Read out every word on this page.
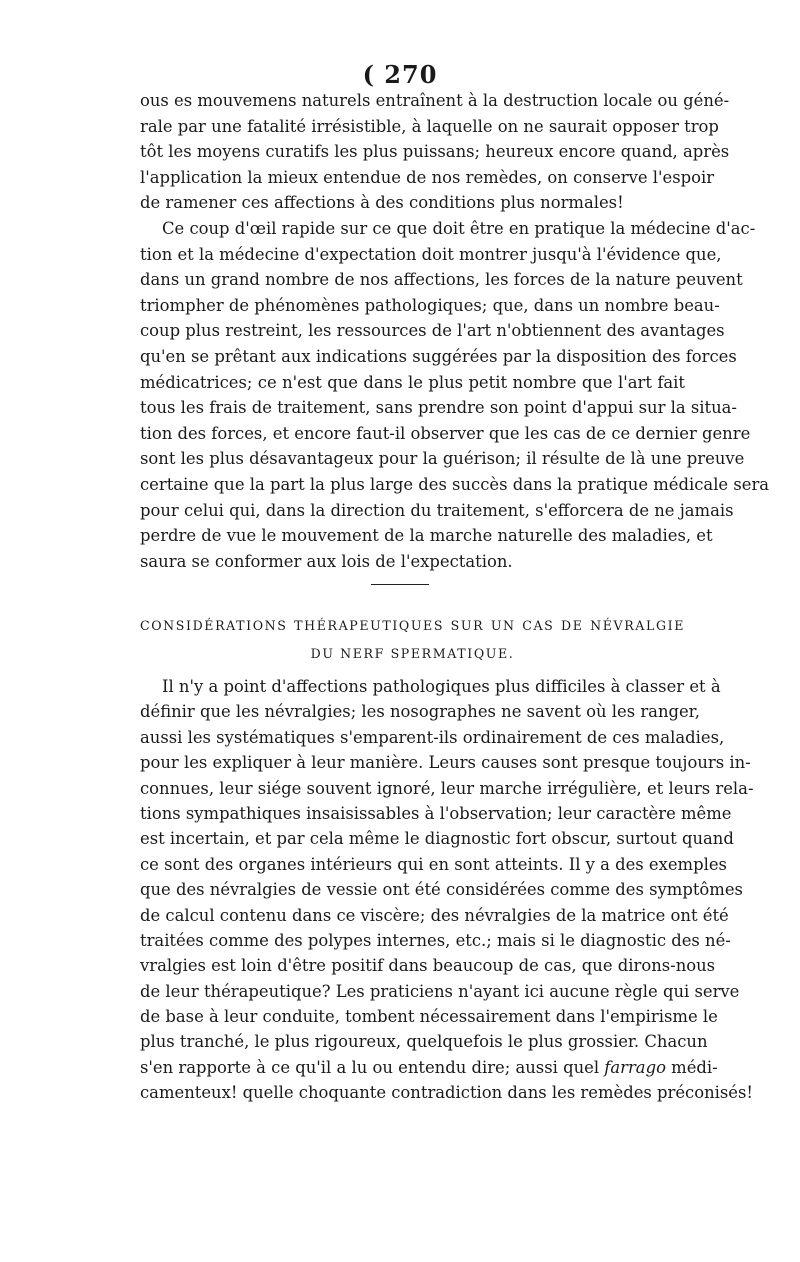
( 270
ous es mouvemens naturels entraînent à la destruction locale ou géné-
rale par une fatalité irrésistible, à laquelle on ne saurait opposer trop
tôt les moyens curatifs les plus puissans; heureux encore quand, après
l'application la mieux entendue de nos remèdes, on conserve l'espoir
de ramener ces affections à des conditions plus normales!
Ce coup d'œil rapide sur ce que doit être en pratique la médecine d'ac-
tion et la médecine d'expectation doit montrer jusqu'à l'évidence que,
dans un grand nombre de nos affections, les forces de la nature peuvent
triompher de phénomènes pathologiques; que, dans un nombre beau-
coup plus restreint, les ressources de l'art n'obtiennent des avantages
qu'en se prêtant aux indications suggérées par la disposition des forces
médicatrices; ce n'est que dans le plus petit nombre que l'art fait
tous les frais de traitement, sans prendre son point d'appui sur la situa-
tion des forces, et encore faut-il observer que les cas de ce dernier genre
sont les plus désavantageux pour la guérison; il résulte de là une preuve
certaine que la part la plus large des succès dans la pratique médicale sera
pour celui qui, dans la direction du traitement, s'efforcera de ne jamais
perdre de vue le mouvement de la marche naturelle des maladies, et
saura se conformer aux lois de l'expectation.
CONSIDÉRATIONS THÉRAPEUTIQUES SUR UN CAS DE NÉVRALGIE
DU NERF SPERMATIQUE.
Il n'y a point d'affections pathologiques plus difficiles à classer et à
définir que les névralgies; les nosographes ne savent où les ranger,
aussi les systématiques s'emparent-ils ordinairement de ces maladies,
pour les expliquer à leur manière. Leurs causes sont presque toujours in-
connues, leur siége souvent ignoré, leur marche irrégulière, et leurs rela-
tions sympathiques insaisissables à l'observation; leur caractère même
est incertain, et par cela même le diagnostic fort obscur, surtout quand
ce sont des organes intérieurs qui en sont atteints. Il y a des exemples
que des névralgies de vessie ont été considérées comme des symptômes
de calcul contenu dans ce viscère; des névralgies de la matrice ont été
traitées comme des polypes internes, etc.; mais si le diagnostic des né-
vralgies est loin d'être positif dans beaucoup de cas, que dirons-nous
de leur thérapeutique? Les praticiens n'ayant ici aucune règle qui serve
de base à leur conduite, tombent nécessairement dans l'empirisme le
plus tranché, le plus rigoureux, quelquefois le plus grossier. Chacun
s'en rapporte à ce qu'il a lu ou entendu dire; aussi quel farrago médi-
camenteux! quelle choquante contradiction dans les remèdes préconisés!
